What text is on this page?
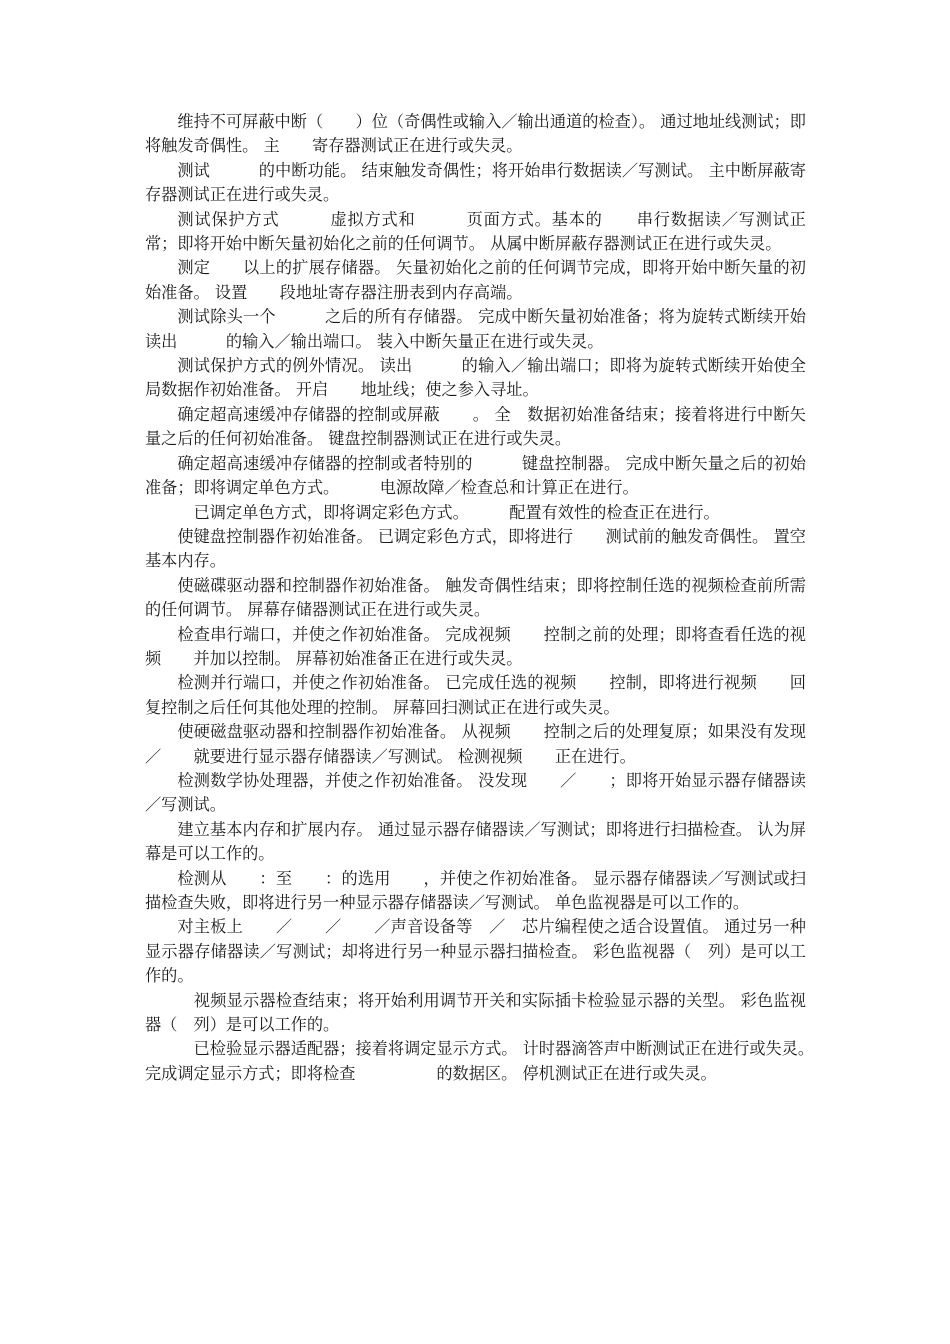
维持不可屏蔽中断（　　）位（奇偶性或输入／输出通道的检查）。 通过地址线测试；即将触发奇偶性。 主　　寄存器测试正在进行或失灵。

测试　　　的中断功能。 结束触发奇偶性；将开始串行数据读／写测试。 主中断屏蔽寄存器测试正在进行或失灵。

测试保护方式　　　虚拟方式和　　　页面方式。基本的　　串行数据读／写测试正常；即将开始中断矢量初始化之前的任何调节。 从属中断屏蔽存器测试正在进行或失灵。

测定　　以上的扩展存储器。 矢量初始化之前的任何调节完成，即将开始中断矢量的初始准备。 设置　　段地址寄存器注册表到内存高端。

测试除头一个　　　之后的所有存储器。 完成中断矢量初始准备；将为旋转式断续开始读出　　　的输入／输出端口。 装入中断矢量正在进行或失灵。

测试保护方式的例外情况。 读出　　　的输入／输出端口；即将为旋转式断续开始使全局数据作初始准备。 开启　　地址线；使之参入寻址。

确定超高速缓冲存储器的控制或屏蔽　　。 全　数据初始准备结束；接着将进行中断矢量之后的任何初始准备。 键盘控制器测试正在进行或失灵。

确定超高速缓冲存储器的控制或者特别的　　　键盘控制器。 完成中断矢量之后的初始准备；即将调定单色方式。　　　电源故障／检查总和计算正在进行。

　已调定单色方式，即将调定彩色方式。　　　配置有效性的检查正在进行。

使键盘控制器作初始准备。 已调定彩色方式，即将进行　　测试前的触发奇偶性。 置空　　基本内存。

使磁碟驱动器和控制器作初始准备。 触发奇偶性结束；即将控制任选的视频检查前所需的任何调节。 屏幕存储器测试正在进行或失灵。

检查串行端口，并使之作初始准备。 完成视频　　控制之前的处理；即将查看任选的视频　　并加以控制。 屏幕初始准备正在进行或失灵。

检测并行端口，并使之作初始准备。 已完成任选的视频　　控制，即将进行视频　　回复控制之后任何其他处理的控制。 屏幕回扫测试正在进行或失灵。

使硬磁盘驱动器和控制器作初始准备。 从视频　　控制之后的处理复原；如果没有发现　　／　　就要进行显示器存储器读／写测试。 检测视频　　正在进行。

检测数学协处理器，并使之作初始准备。 没发现　　／　　；即将开始显示器存储器读／写测试。

建立基本内存和扩展内存。 通过显示器存储器读／写测试；即将进行扫描检查。 认为屏幕是可以工作的。

检测从　　：至　　：的选用　　，并使之作初始准备。 显示器存储器读／写测试或扫描检查失败，即将进行另一种显示器存储器读／写测试。 单色监视器是可以工作的。

对主板上　　／　　／　　／声音设备等　／　芯片编程使之适合设置值。 通过另一种显示器存储器读／写测试；却将进行另一种显示器扫描检查。 彩色监视器（　列）是可以工作的。

　视频显示器检查结束；将开始利用调节开关和实际插卡检验显示器的关型。 彩色监视器（　列）是可以工作的。

　已检验显示器适配器；接着将调定显示方式。 计时器滴答声中断测试正在进行或失灵。　　　完成调定显示方式；即将检查　　　　　的数据区。 停机测试正在进行或失灵。
